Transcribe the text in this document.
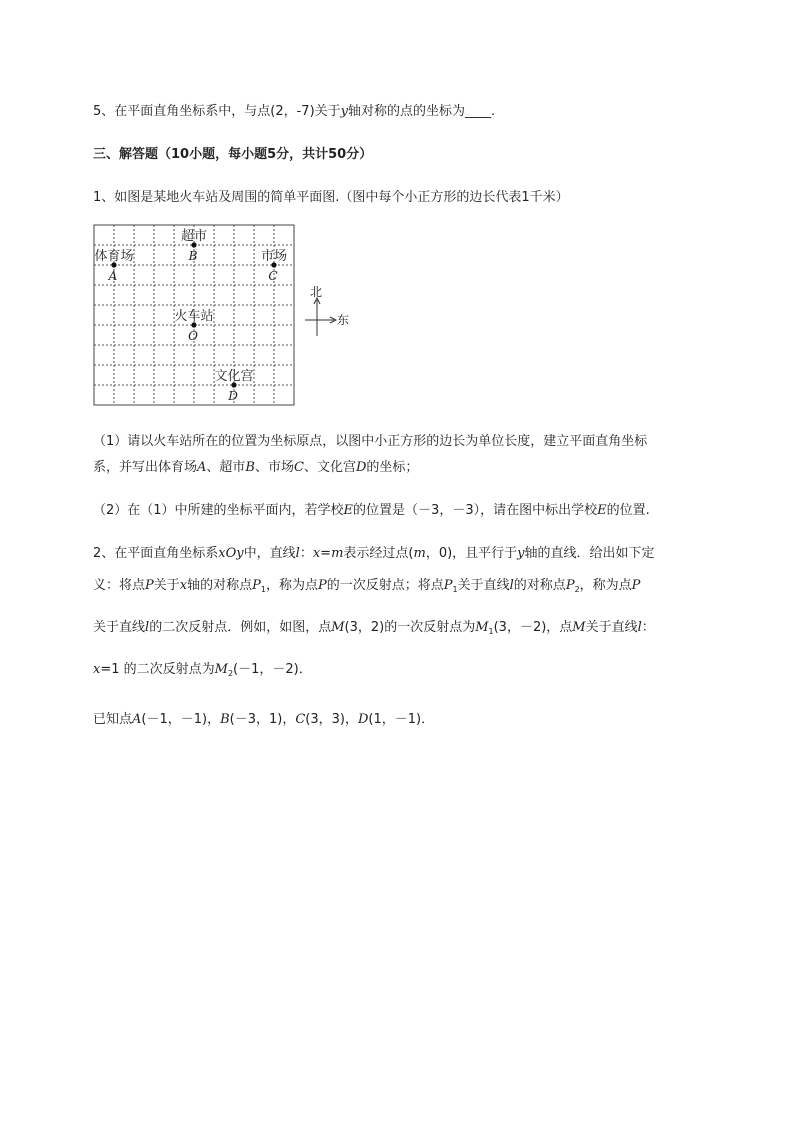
5、在平面直角坐标系中，与点(2，-7)关于y轴对称的点的坐标为____.
三、解答题（10小题，每小题5分，共计50分）
1、如图是某地火车站及周围的简单平面图.（图中每个小正方形的边长代表1千米）
体育场
A
超市
B	市场
C
火车站
O
文化宫
D
北
东
（1）请以火车站所在的位置为坐标原点，以图中小正方形的边长为单位长度，建立平面直角坐标
系，并写出体育场A、超市B、市场C、文化宫D的坐标；
（2）在（1）中所建的坐标平面内，若学校E的位置是（－3，－3），请在图中标出学校E的位置.
2、在平面直角坐标系xOy中，直线l：x=m表示经过点(m，0)，且平行于y轴的直线．给出如下定
义：将点P关于x轴的对称点$P_1$，称为点P的一次反射点；将点$P_1$关于直线l的对称点$P_2$，称为点P
关于直线l的二次反射点．例如，如图，点M(3，2)的一次反射点为$M_1(3$，－2)，点M关于直线l：
x=1 的二次反射点为$M_2(-1$，－2)．
已知点A(－1，－1)，B(－3，1)，C(3，3)，D(1，－1)．
